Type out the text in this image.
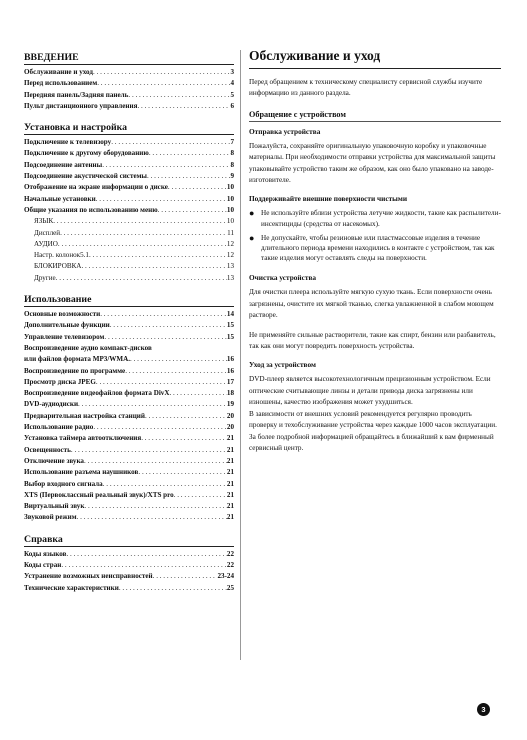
ВВЕДЕНИЕ
Обслуживание и уход . . .	3
Перед использованием . . .	4
Передняя панель/Задняя панель . . .	5
Пульт дистанционного управления . . .	6
Установка и настройка
Подключение к телевизору . . .	7
Подключение к другому оборудованию . . .	8
Подсоединение антенны . . .	8
Подсоединение акустической системы . . .	9
Отображение на экране информации о диске . . .	10
Начальные установки . . .	10
Общие указания по использованию меню . . .	10
ЯЗЫК . . .	10
Дисплей . . .	11
АУДИО . . .	12
Настр. колонок5.1 . . .	12
БЛОКИРОВКА . . .	13
Другие . . .	13
Использование
Основные возможности . . .	14
Дополнительные функции . . .	15
Управление телевизором . . .	15
Воспроизведение аудио компакт-дисков
или файлов формата MP3/WMA. . . .	16
Воспроизведение по программе . . .	16
Просмотр диска JPEG . . .	17
Воспроизведение видеофайлов формата DivX . . .	18
DVD-аудиодиски . . .	19
Предварительная настройка станций . . .	20
Использование радио . . .	20
Установка таймера автоотключения . . .	21
Освещенность . . .	21
Отключение звука . . .	21
Использование разъема наушников . . .	21
Выбор входного сигнала . . .	21
XTS (Первоклассный реальный звук)/XTS pro . . .	21
Виртуальный звук . . .	21
Звуковой режим . . .	21
Справка
Коды языков . . .	22
Коды стран . . .	22
Устранение возможных неисправностей . . .	23-24
Технические характеристики . . .	25
Обслуживание и уход

Перед обращением к техническому специалисту сервисной службы изучите информацию из данного раздела.

Обращение с устройством
Отправка устройства

Пожалуйста, сохраняйте оригинальную упаковочную коробку и упаковочные материалы. При необходимости отправки устройства для максимальной защиты упаковывайте устройство таким же образом, как оно было упаковано на заводе-изготовителе.

Поддерживайте внешние поверхности чистыми
● Не используйте вблизи устройства летучие жидкости, такие как распылители-инсектициды (средства от насекомых).
● Не допускайте, чтобы резиновые или пластмассовые изделия в течение длительного периода времени находились в контакте с устройством, так как такие изделия могут оставлять следы на поверхности.
Очистка устройства

Для очистки плеера используйте мягкую сухую ткань. Если поверхности очень загрязнены, очистите их мягкой тканью, слегка увлажненной в слабом моющем растворе.

Не применяйте сильные растворители, такие как спирт, бензин или разбавитель, так как они могут повредить поверхность устройства.

Уход за устройством

DVD-плеер является высокотехнологичным прецизионным устройством. Если оптические считывающие линзы и детали привода диска загрязнены или изношены, качество изображения может ухудшиться.

В зависимости от внешних условий рекомендуется регулярно проводить проверку и техобслуживание устройства через каждые 1000 часов эксплуатации.

За более подробной информацией обращайтесь в ближайший к вам фирменный сервисный центр.

3
